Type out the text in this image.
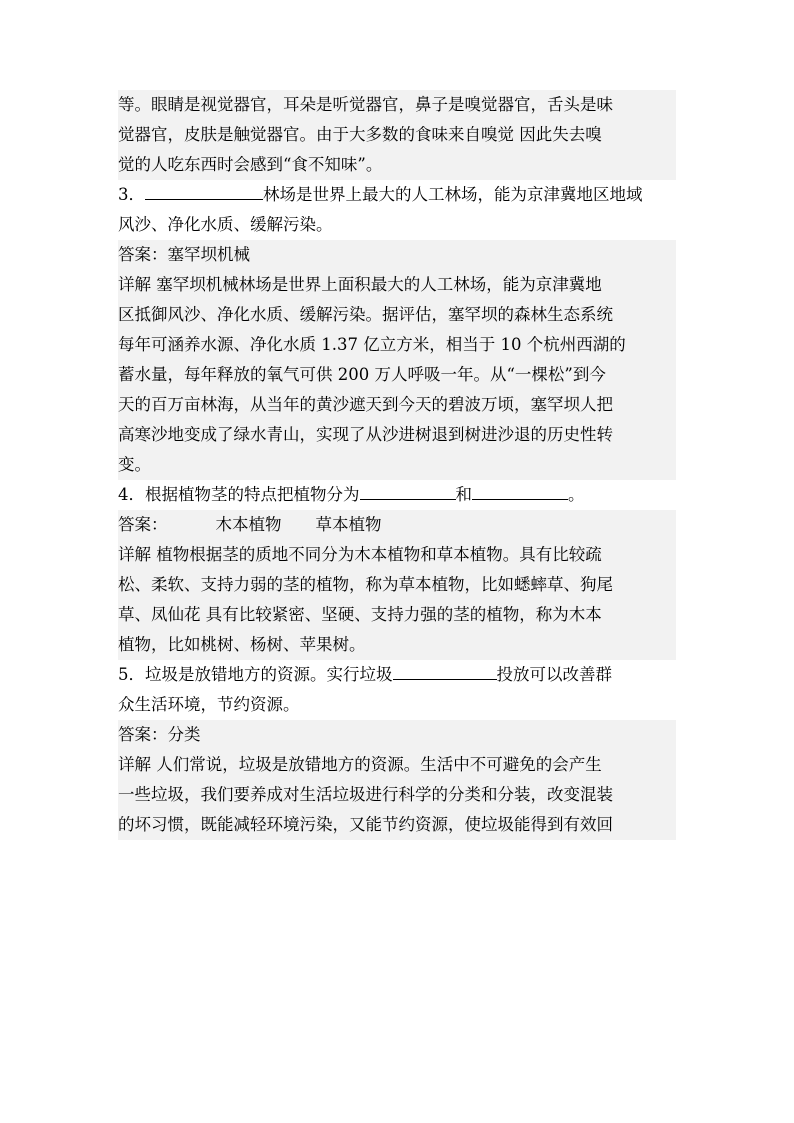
等。眼睛是视觉器官，耳朵是听觉器官，鼻子是嗅觉器官，舌头是味

觉器官，皮肤是触觉器官。由于大多数的食味来自嗅觉 因此失去嗅

觉的人吃东西时会感到“食不知味”。

3．	林场是世界上最大的人工林场，能为京津冀地区地域

风沙、净化水质、缓解污染。

答案：塞罕坝机械

详解 塞罕坝机械林场是世界上面积最大的人工林场，能为京津冀地

区抵御风沙、净化水质、缓解污染。据评估，塞罕坝的森林生态系统

每年可涵养水源、净化水质 1.37 亿立方米，相当于 10 个杭州西湖的

蓄水量，每年释放的氧气可供 200 万人呼吸一年。从“一棵松”到今

天的百万亩林海，从当年的黄沙遮天到今天的碧波万顷，塞罕坝人把

高寒沙地变成了绿水青山，实现了从沙进树退到树进沙退的历史性转

变。

4．根据植物茎的特点把植物分为	和	。

答案：	木本植物 草本植物

详解 植物根据茎的质地不同分为木本植物和草本植物。具有比较疏

松、柔软、支持力弱的茎的植物，称为草本植物，比如蟋蟀草、狗尾

草、凤仙花 具有比较紧密、坚硬、支持力强的茎的植物，称为木本

植物，比如桃树、杨树、苹果树。

5．垃圾是放错地方的资源。实行垃圾	投放可以改善群

众生活环境，节约资源。

答案：分类

详解 人们常说，垃圾是放错地方的资源。生活中不可避免的会产生

一些垃圾，我们要养成对生活垃圾进行科学的分类和分装，改变混装

的坏习惯，既能减轻环境污染，又能节约资源，使垃圾能得到有效回
